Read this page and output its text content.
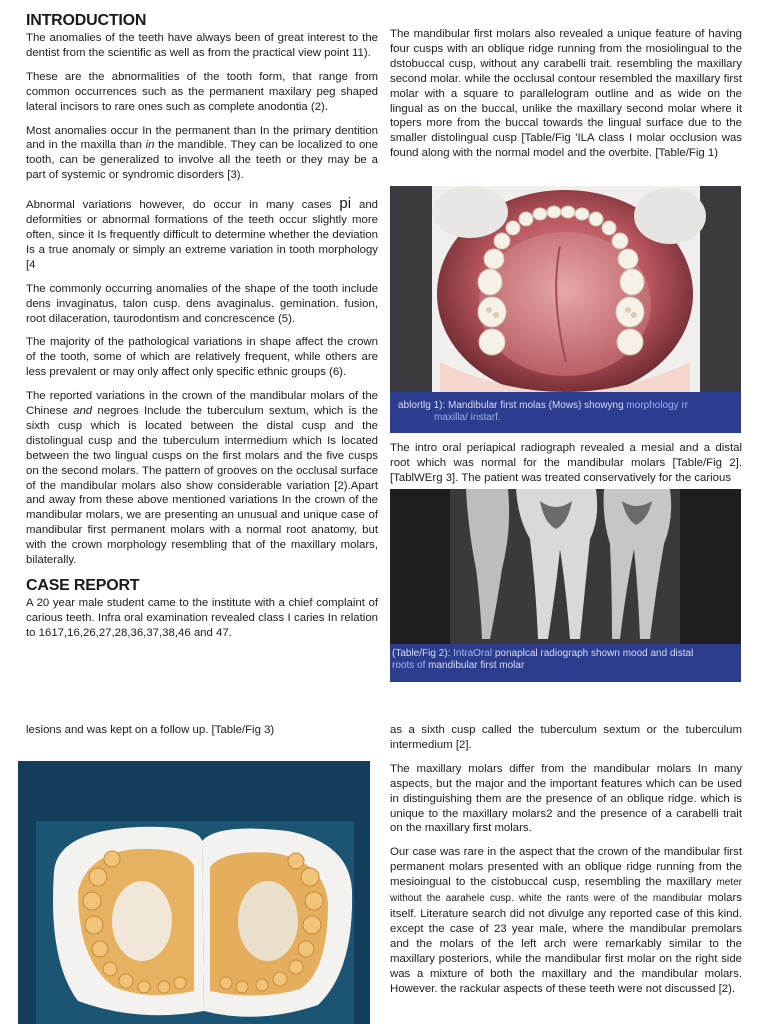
INTRODUCTION

The anomalies of the teeth have always been of great interest to the dentist from the scientific as well as from the practical view point 11).

These are the abnormalities of the tooth form, that range from common occurrences such as the permanent maxilary peg shaped lateral incisors to rare ones such as complete anodontia (2).

Most anomalies occur In the permanent than In the primary dentition and in the maxilla than in the mandible. They can be localized to one tooth, can be generalized to involve all the teeth or they may be a part of systemic or syndromic disorders [3).

Abnormal variations however, do occur in many cases pi and deformities or abnormal formations of the teeth occur slightly more often, since it Is frequently difficult to determine whether the deviation Is a true anomaly or simply an extreme variation in tooth morphology [4

The commonly occurring anomalies of the shape of the tooth include dens invaginatus, talon cusp. dens avaginalus. gemination. fusion, root dilaceration, taurodontism and concrescence (5).

The majority of the pathological variations in shape affect the crown of the tooth, some of which are relatively frequent, while others are less prevalent or may only affect only specific ethnic groups (6).

The reported variations in the crown of the mandibular molars of the Chinese and negroes Include the tuberculum sextum, which is the sixth cusp which is located between the distal cusp and the distolingual cusp and the tuberculum intermedium which Is located between the two lingual cusps on the first molars and the five cusps on the second molars. The pattern of grooves on the occlusal surface of the mandibular molars also show considerable variation [2).Apart and away from these above mentioned variations In the crown of the mandibular molars, we are presenting an unusual and unique case of mandibular first permanent molars with a normal root anatomy, but with the crown morphology resembling that of the maxillary molars, bilaterally.

CASE REPORT

A 20 year male student came to the institute with a chief complaint of carious teeth. Infra oral examination revealed class I caries In relation to 1617,16,26,27,28,36,37,38,46 and 47.

The mandibular first molars also revealed a unique feature of having four cusps with an oblique ridge running from the mosiolingual to the dstobuccal cusp, without any carabelli trait. resembling the maxillary second molar. while the occlusal contour resembled the maxillary first molar with a square to parallelogram outline and as wide on the lingual as on the buccal, unlike the maxillary second molar where it topers more from the buccal towards the lingual surface due to the smaller distolingual cusp [Table/Fig 'ILA class I molar occlusion was found along with the normal model and the overbite. [Table/Fig 1)

ablortlg 1): Mandibular first molas (Mows) showyng morphology rr
maxilla/ instarf.

The intro oral periapical radiograph revealed a mesial and a distal root which was normal for the mandibular molars [Table/Fig 2]. [TablWErg 3]. The patient was treated conservatively for the carious

(Table/Fig 2): IntraOral ponaplcal radiograph shown mood and distal
roots of mandibular first molar

lesions and was kept on a follow up. [Table/Fig 3)	as a sixth cusp called the tuberculum sextum or the tuberculum intermedium [2].

The maxillary molars differ from the mandibular molars In many aspects, but the major and the important features which can be used in distinguishing them are the presence of an oblique ridge. which is unique to the maxillary molars2 and the presence of a carabelli trait on the maxillary first molars.

Our case was rare in the aspect that the crown of the mandibular first permanent molars presented with an oblique ridge running from the mesioingual to the cistobuccal cusp, resembling the maxillary meter without the aarahele cusp. white the rants were of the mandibular molars itself. Literature search did not divulge any reported case of this kind. except the case of 23 year male, where the mandibular premolars and the molars of the left arch were remarkably similar to the maxillary posteriors, while the mandibular first molar on the right side was a mixture of both the maxillary and the mandibular molars. However. the rackular aspects of these teeth were not discussed [2).
